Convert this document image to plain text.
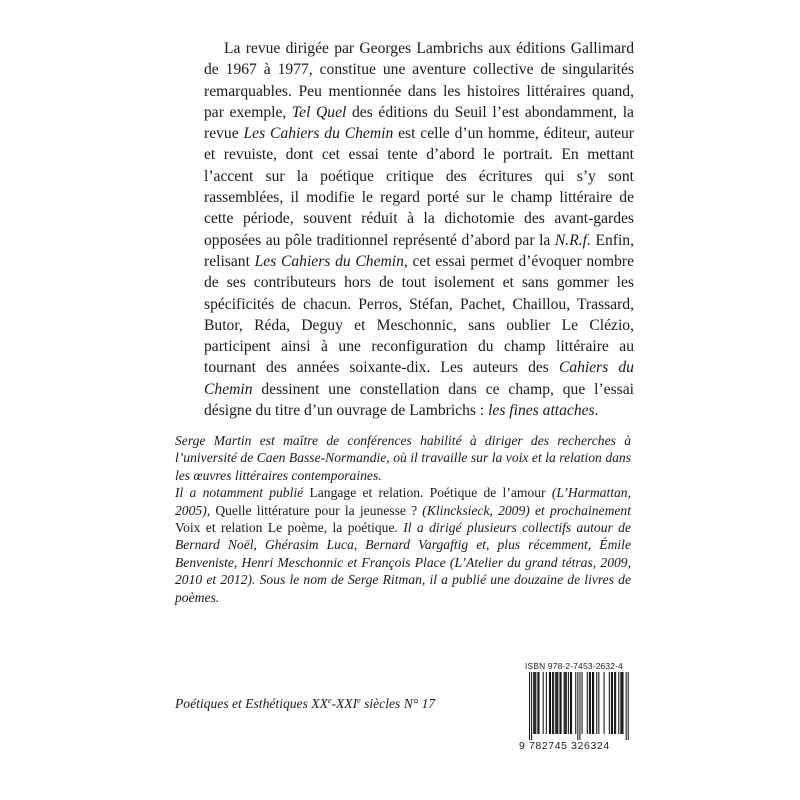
La revue dirigée par Georges Lambrichs aux éditions Gallimard de 1967 à 1977, constitue une aventure collective de singularités remarquables. Peu mentionnée dans les histoires littéraires quand, par exemple, Tel Quel des éditions du Seuil l’est abondamment, la revue Les Cahiers du Chemin est celle d’un homme, éditeur, auteur et revuiste, dont cet essai tente d’abord le portrait. En mettant l’accent sur la poétique critique des écritures qui s’y sont rassemblées, il modifie le regard porté sur le champ littéraire de cette période, souvent réduit à la dichotomie des avant-gardes opposées au pôle traditionnel représenté d’abord par la N.R.f. Enfin, relisant Les Cahiers du Chemin, cet essai permet d’évoquer nombre de ses contributeurs hors de tout isolement et sans gommer les spécificités de chacun. Perros, Stéfan, Pachet, Chaillou, Trassard, Butor, Réda, Deguy et Meschonnic, sans oublier Le Clézio, participent ainsi à une reconfiguration du champ littéraire au tournant des années soixante-dix. Les auteurs des Cahiers du Chemin dessinent une constellation dans ce champ, que l’essai désigne du titre d’un ouvrage de Lambrichs : les fines attaches.

Serge Martin est maître de conférences habilité à diriger des recherches à l’université de Caen Basse-Normandie, où il travaille sur la voix et la relation dans les œuvres littéraires contemporaines.

Il a notamment publié Langage et relation. Poétique de l’amour (L’Harmattan, 2005), Quelle littérature pour la jeunesse ? (Klincksieck, 2009) et prochainement Voix et relation Le poème, la poétique. Il a dirigé plusieurs collectifs autour de Bernard Noël, Ghérasim Luca, Bernard Vargaftig et, plus récemment, Émile Benveniste, Henri Meschonnic et François Place (L’Atelier du grand tétras, 2009, 2010 et 2012). Sous le nom de Serge Ritman, il a publié une douzaine de livres de poèmes.

Poétiques et Esthétiques XXe-XXIe siècles N° 17
ISBN 978-2-7453-2632-4
9 782745 326324
